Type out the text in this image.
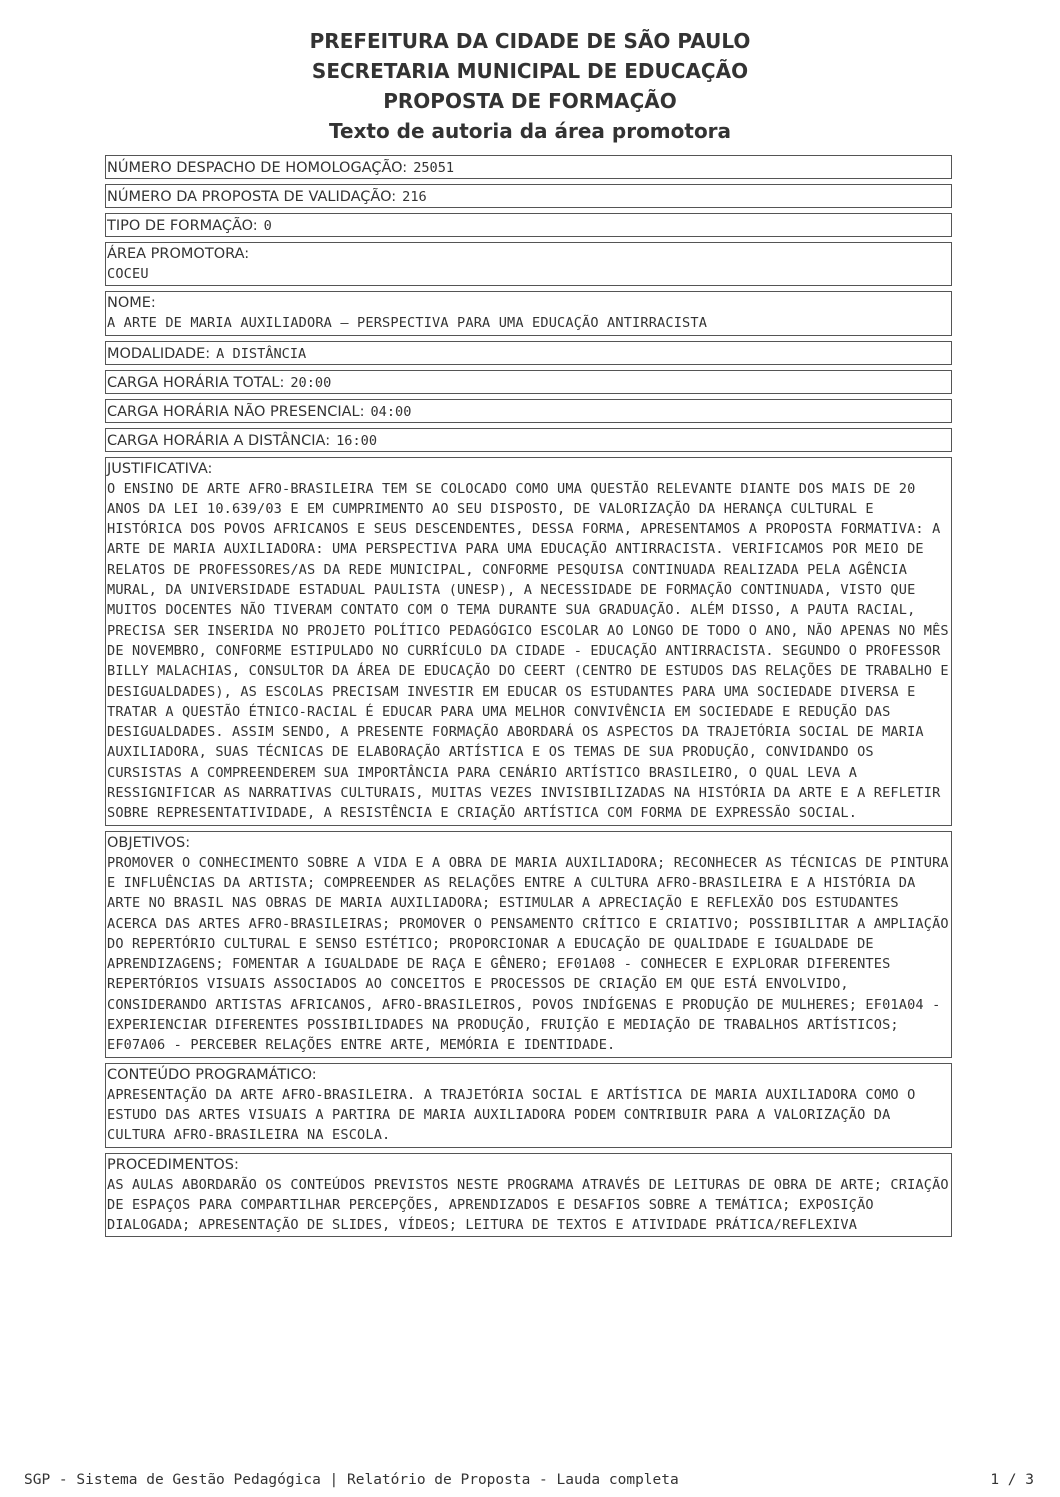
PREFEITURA DA CIDADE DE SÃO PAULO
SECRETARIA MUNICIPAL DE EDUCAÇÃO
PROPOSTA DE FORMAÇÃO
Texto de autoria da área promotora
NÚMERO DESPACHO DE HOMOLOGAÇÃO: 25051
NÚMERO DA PROPOSTA DE VALIDAÇÃO: 216
TIPO DE FORMAÇÃO: 0
ÁREA PROMOTORA:
COCEU
NOME:
A ARTE DE MARIA AUXILIADORA – PERSPECTIVA PARA UMA EDUCAÇÃO ANTIRRACISTA
MODALIDADE: A DISTÂNCIA
CARGA HORÁRIA TOTAL: 20:00
CARGA HORÁRIA NÃO PRESENCIAL: 04:00
CARGA HORÁRIA A DISTÂNCIA: 16:00
JUSTIFICATIVA:
O ENSINO DE ARTE AFRO-BRASILEIRA TEM SE COLOCADO COMO UMA QUESTÃO RELEVANTE DIANTE DOS MAIS DE 20 ANOS DA LEI 10.639/03 E EM CUMPRIMENTO AO SEU DISPOSTO, DE VALORIZAÇÃO DA HERANÇA CULTURAL E HISTÓRICA DOS POVOS AFRICANOS E SEUS DESCENDENTES, DESSA FORMA, APRESENTAMOS A PROPOSTA FORMATIVA: A ARTE DE MARIA AUXILIADORA: UMA PERSPECTIVA PARA UMA EDUCAÇÃO ANTIRRACISTA. VERIFICAMOS POR MEIO DE RELATOS DE PROFESSORES/AS DA REDE MUNICIPAL, CONFORME PESQUISA CONTINUADA REALIZADA PELA AGÊNCIA MURAL, DA UNIVERSIDADE ESTADUAL PAULISTA (UNESP), A NECESSIDADE DE FORMAÇÃO CONTINUADA, VISTO QUE MUITOS DOCENTES NÃO TIVERAM CONTATO COM O TEMA DURANTE SUA GRADUAÇÃO. ALÉM DISSO, A PAUTA RACIAL, PRECISA SER INSERIDA NO PROJETO POLÍTICO PEDAGÓGICO ESCOLAR AO LONGO DE TODO O ANO, NÃO APENAS NO MÊS DE NOVEMBRO, CONFORME ESTIPULADO NO CURRÍCULO DA CIDADE - EDUCAÇÃO ANTIRRACISTA. SEGUNDO O PROFESSOR BILLY MALACHIAS, CONSULTOR DA ÁREA DE EDUCAÇÃO DO CEERT (CENTRO DE ESTUDOS DAS RELAÇÕES DE TRABALHO E DESIGUALDADES), AS ESCOLAS PRECISAM INVESTIR EM EDUCAR OS ESTUDANTES PARA UMA SOCIEDADE DIVERSA E TRATAR A QUESTÃO ÉTNICO-RACIAL É EDUCAR PARA UMA MELHOR CONVIVÊNCIA EM SOCIEDADE E REDUÇÃO DAS DESIGUALDADES. ASSIM SENDO, A PRESENTE FORMAÇÃO ABORDARÁ OS ASPECTOS DA TRAJETÓRIA SOCIAL DE MARIA AUXILIADORA, SUAS TÉCNICAS DE ELABORAÇÃO ARTÍSTICA E OS TEMAS DE SUA PRODUÇÃO, CONVIDANDO OS CURSISTAS A COMPREENDEREM SUA IMPORTÂNCIA PARA CENÁRIO ARTÍSTICO BRASILEIRO, O QUAL LEVA A RESSIGNIFICAR AS NARRATIVAS CULTURAIS, MUITAS VEZES INVISIBILIZADAS NA HISTÓRIA DA ARTE E A REFLETIR SOBRE REPRESENTATIVIDADE, A RESISTÊNCIA E CRIAÇÃO ARTÍSTICA COM FORMA DE EXPRESSÃO SOCIAL.
OBJETIVOS:
PROMOVER O CONHECIMENTO SOBRE A VIDA E A OBRA DE MARIA AUXILIADORA; RECONHECER AS TÉCNICAS DE PINTURA E INFLUÊNCIAS DA ARTISTA; COMPREENDER AS RELAÇÕES ENTRE A CULTURA AFRO-BRASILEIRA E A HISTÓRIA DA ARTE NO BRASIL NAS OBRAS DE MARIA AUXILIADORA; ESTIMULAR A APRECIAÇÃO E REFLEXÃO DOS ESTUDANTES ACERCA DAS ARTES AFRO-BRASILEIRAS; PROMOVER O PENSAMENTO CRÍTICO E CRIATIVO; POSSIBILITAR A AMPLIAÇÃO DO REPERTÓRIO CULTURAL E SENSO ESTÉTICO; PROPORCIONAR A EDUCAÇÃO DE QUALIDADE E IGUALDADE DE APRENDIZAGENS; FOMENTAR A IGUALDADE DE RAÇA E GÊNERO; EF01A08 - CONHECER E EXPLORAR DIFERENTES REPERTÓRIOS VISUAIS ASSOCIADOS AO CONCEITOS E PROCESSOS DE CRIAÇÃO EM QUE ESTÁ ENVOLVIDO, CONSIDERANDO ARTISTAS AFRICANOS, AFRO-BRASILEIROS, POVOS INDÍGENAS E PRODUÇÃO DE MULHERES; EF01A04 - EXPERIENCIAR DIFERENTES POSSIBILIDADES NA PRODUÇÃO, FRUIÇÃO E MEDIAÇÃO DE TRABALHOS ARTÍSTICOS; EF07A06 - PERCEBER RELAÇÕES ENTRE ARTE, MEMÓRIA E IDENTIDADE.
CONTEÚDO PROGRAMÁTICO:
APRESENTAÇÃO DA ARTE AFRO-BRASILEIRA. A TRAJETÓRIA SOCIAL E ARTÍSTICA DE MARIA AUXILIADORA COMO O ESTUDO DAS ARTES VISUAIS A PARTIRA DE MARIA AUXILIADORA PODEM CONTRIBUIR PARA A VALORIZAÇÃO DA CULTURA AFRO-BRASILEIRA NA ESCOLA.
PROCEDIMENTOS:
AS AULAS ABORDARÃO OS CONTEÚDOS PREVISTOS NESTE PROGRAMA ATRAVÉS DE LEITURAS DE OBRA DE ARTE; CRIAÇÃO DE ESPAÇOS PARA COMPARTILHAR PERCEPÇÕES, APRENDIZADOS E DESAFIOS SOBRE A TEMÁTICA; EXPOSIÇÃO DIALOGADA; APRESENTAÇÃO DE SLIDES, VÍDEOS; LEITURA DE TEXTOS E ATIVIDADE PRÁTICA/REFLEXIVA
SGP - Sistema de Gestão Pedagógica | Relatório de Proposta - Lauda completa	1 / 3
